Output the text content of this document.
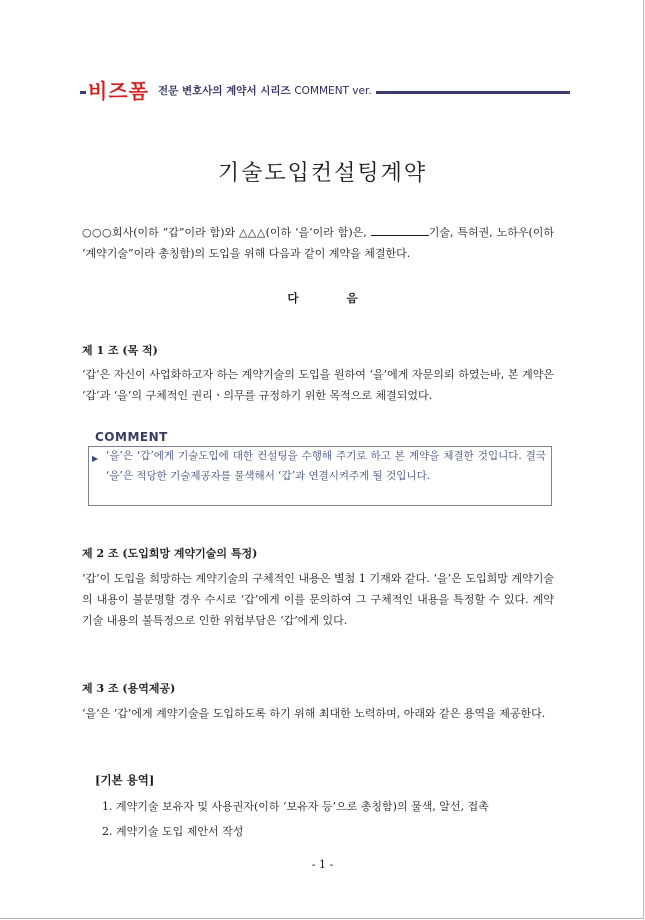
비즈폼 전문 변호사의 계약서 시리즈 COMMENT ver.
기술도입컨설팅계약

○○○회사(이하 “갑”이라 함)와 △△△(이하 ‘을’이라 함)은,	기술, 특허권, 노하우(이하 ‘계약기술”이라 총칭함)의 도입을 위해 다음과 같이 계약을 체결한다.

다 음
제 1 조 (목 적)

‘갑’은 자신이 사업화하고자 하는 계약기술의 도입을 원하여 ‘을’에게 자문의뢰 하였는바, 본 계약은 ‘갑’과 ‘을’의 구체적인 권리ㆍ의무를 규정하기 위한 목적으로 체결되었다.

COMMENT
▶ ‘을’은 ‘갑’에게 기술도입에 대한 컨설팅을 수행해 주기로 하고 본 계약을 체결한 것입니다. 결국 ‘을’은 적당한 기술제공자를 물색해서 ‘갑’과 연결시켜주게 될 것입니다.

제 2 조 (도입희망 계약기술의 특정)

‘갑’이 도입을 희망하는 계약기술의 구체적인 내용은 별첨 1 기재와 같다. ‘을’은 도입희망 계약기술의 내용이 불분명할 경우 수시로 ‘갑’에게 이를 문의하여 그 구체적인 내용을 특정할 수 있다. 계약기술 내용의 불특정으로 인한 위험부담은 ‘갑’에게 있다.

제 3 조 (용역제공)

‘을’은 ‘갑’에게 계약기술을 도입하도록 하기 위해 최대한 노력하며, 아래와 같은 용역을 제공한다.

[기본 용역]
1. 계약기술 보유자 및 사용권자(이하 ‘보유자 등’으로 총칭함)의 물색, 알선, 접촉
2. 계약기술 도입 제안서 작성
- 1 -
